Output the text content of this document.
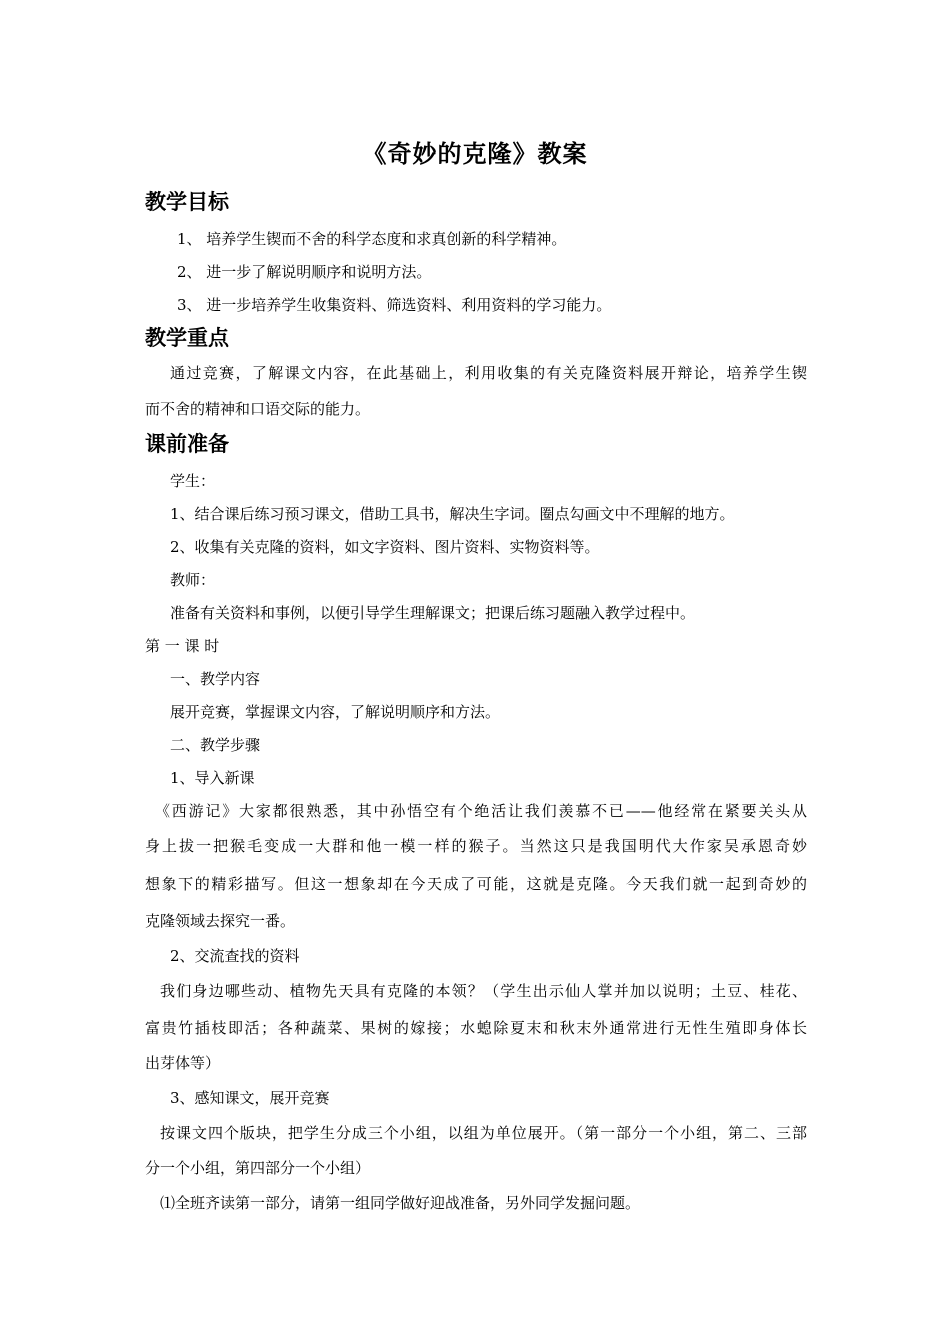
《奇妙的克隆》教案
教学目标
1、 培养学生锲而不舍的科学态度和求真创新的科学精神。
2、 进一步了解说明顺序和说明方法。
3、 进一步培养学生收集资料、筛选资料、利用资料的学习能力。
教学重点
通过竞赛，了解课文内容，在此基础上，利用收集的有关克隆资料展开辩论，培养学生锲
而不舍的精神和口语交际的能力。
课前准备
学生：
1、结合课后练习预习课文，借助工具书，解决生字词。圈点勾画文中不理解的地方。
2、收集有关克隆的资料，如文字资料、图片资料、实物资料等。
教师：
准备有关资料和事例，以便引导学生理解课文；把课后练习题融入教学过程中。
第 一 课 时
一、教学内容
展开竞赛，掌握课文内容，了解说明顺序和方法。
二、教学步骤
1、导入新课
《西游记》大家都很熟悉，其中孙悟空有个绝活让我们羡慕不已——他经常在紧要关头从
身上拔一把猴毛变成一大群和他一模一样的猴子。当然这只是我国明代大作家吴承恩奇妙
想象下的精彩描写。但这一想象却在今天成了可能，这就是克隆。今天我们就一起到奇妙的
克隆领域去探究一番。
2、交流查找的资料
我们身边哪些动、植物先天具有克隆的本领？（学生出示仙人掌并加以说明；土豆、桂花、
富贵竹插枝即活；各种蔬菜、果树的嫁接；水螅除夏末和秋末外通常进行无性生殖即身体长
出芽体等）
3、感知课文，展开竞赛
按课文四个版块，把学生分成三个小组，以组为单位展开。（第一部分一个小组，第二、三部
分一个小组，第四部分一个小组）
⑴全班齐读第一部分，请第一组同学做好迎战准备，另外同学发掘问题。
